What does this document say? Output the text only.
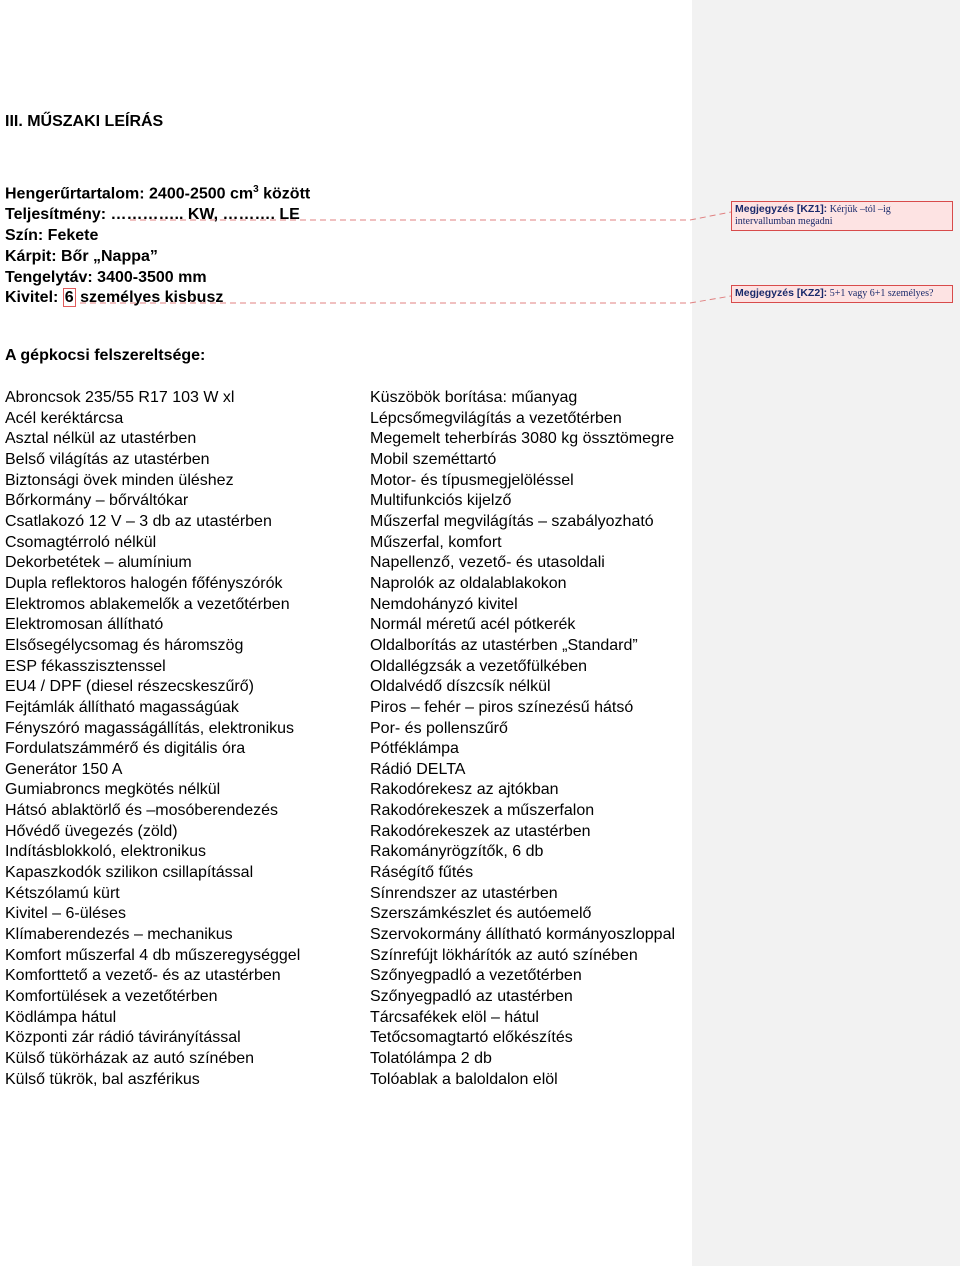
III. MŰSZAKI LEÍRÁS
Hengerűrtartalom: 2400-2500 $cm^3$ között
Teljesítmény: ………….. KW, ………. LE
Szín: Fekete
Kárpit: Bőr „Nappa”
Tengelytáv: 3400-3500 mm
Kivitel: 6 személyes kisbusz
A gépkocsi felszereltsége:
Abroncsok 235/55 R17 103 W xl
Acél keréktárcsa
Asztal nélkül az utastérben
Belső világítás az utastérben
Biztonsági övek minden üléshez
Bőrkormány – bőrváltókar
Csatlakozó 12 V – 3 db az utastérben
Csomagtérroló nélkül
Dekorbetétek – alumínium
Dupla reflektoros halogén főfényszórók
Elektromos ablakemelők a vezetőtérben
Elektromosan állítható
Elsősegélycsomag és háromszög
ESP fékasszisztenssel
EU4 / DPF (diesel részecskeszűrő)
Fejtámlák állítható magasságúak
Fényszóró magasságállítás, elektronikus
Fordulatszámmérő és digitális óra
Generátor 150 A
Gumiabroncs megkötés nélkül
Hátsó ablaktörlő és –mosóberendezés
Hővédő üvegezés (zöld)
Indításblokkoló, elektronikus
Kapaszkodók szilikon csillapítással
Kétszólamú kürt
Kivitel – 6-üléses
Klímaberendezés – mechanikus
Komfort műszerfal 4 db műszeregységgel
Komforttető a vezető- és az utastérben
Komfortülések a vezetőtérben
Ködlámpa hátul
Központi zár rádió távirányítással
Külső tükörházak az autó színében
Külső tükrök, bal aszférikus
Küszöbök borítása: műanyag
Lépcsőmegvilágítás a vezetőtérben
Megemelt teherbírás 3080 kg össztömegre
Mobil szeméttartó
Motor- és típusmegjelöléssel
Multifunkciós kijelző
Műszerfal megvilágítás – szabályozható
Műszerfal, komfort
Napellenző, vezető- és utasoldali
Naprolók az oldalablakokon
Nemdohányzó kivitel
Normál méretű acél pótkerék
Oldalborítás az utastérben „Standard”
Oldallégzsák a vezetőfülkében
Oldalvédő díszcsík nélkül
Piros – fehér – piros színezésű hátsó
Por- és pollenszűrő
Pótféklámpa
Rádió DELTA
Rakodórekesz az ajtókban
Rakodórekeszek a műszerfalon
Rakodórekeszek az utastérben
Rakományrögzítők, 6 db
Ráségítő fűtés
Sínrendszer az utastérben
Szerszámkészlet és autóemelő
Szervokormány állítható kormányoszloppal
Színrefújt lökhárítók az autó színében
Szőnyegpadló a vezetőtérben
Szőnyegpadló az utastérben
Tárcsafékek elöl – hátul
Tetőcsomagtartó előkészítés
Tolatólámpa 2 db
Tolóablak a baloldalon elöl
Megjegyzés [KZ1]: Kérjük –tól –ig intervallumban megadni
Megjegyzés [KZ2]: 5+1 vagy 6+1 személyes?
